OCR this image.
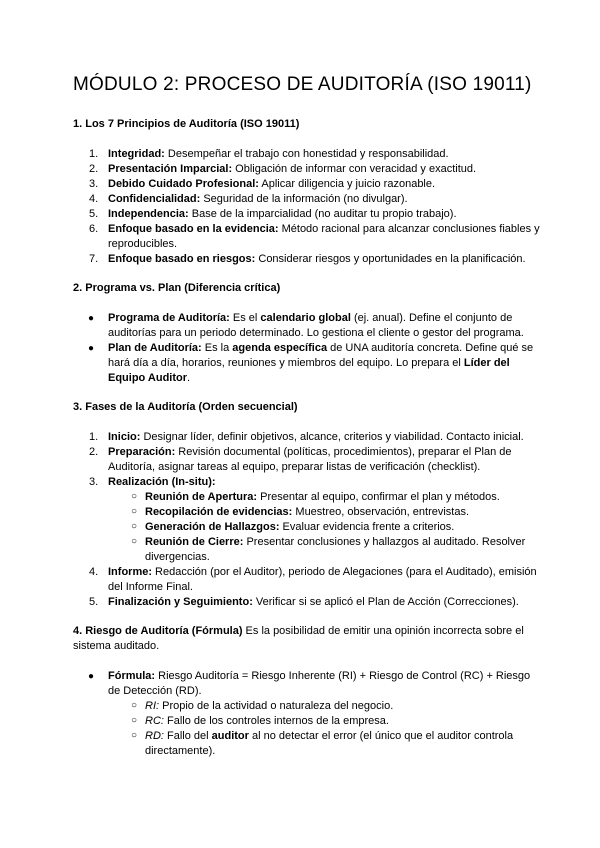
MÓDULO 2: PROCESO DE AUDITORÍA (ISO 19011)
1. Los 7 Principios de Auditoría (ISO 19011)
1. Integridad: Desempeñar el trabajo con honestidad y responsabilidad.
2. Presentación Imparcial: Obligación de informar con veracidad y exactitud.
3. Debido Cuidado Profesional: Aplicar diligencia y juicio razonable.
4. Confidencialidad: Seguridad de la información (no divulgar).
5. Independencia: Base de la imparcialidad (no auditar tu propio trabajo).
6. Enfoque basado en la evidencia: Método racional para alcanzar conclusiones fiables y reproducibles.
7. Enfoque basado en riesgos: Considerar riesgos y oportunidades en la planificación.
2. Programa vs. Plan (Diferencia crítica)
● Programa de Auditoría: Es el calendario global (ej. anual). Define el conjunto de auditorías para un periodo determinado. Lo gestiona el cliente o gestor del programa.
● Plan de Auditoría: Es la agenda específica de UNA auditoría concreta. Define qué se hará día a día, horarios, reuniones y miembros del equipo. Lo prepara el Líder del Equipo Auditor.
3. Fases de la Auditoría (Orden secuencial)
1. Inicio: Designar líder, definir objetivos, alcance, criterios y viabilidad. Contacto inicial.
2. Preparación: Revisión documental (políticas, procedimientos), preparar el Plan de Auditoría, asignar tareas al equipo, preparar listas de verificación (checklist).
3. Realización (In-situ):
○ Reunión de Apertura: Presentar al equipo, confirmar el plan y métodos.
○ Recopilación de evidencias: Muestreo, observación, entrevistas.
○ Generación de Hallazgos: Evaluar evidencia frente a criterios.
○ Reunión de Cierre: Presentar conclusiones y hallazgos al auditado. Resolver divergencias.
4. Informe: Redacción (por el Auditor), periodo de Alegaciones (para el Auditado), emisión del Informe Final.
5. Finalización y Seguimiento: Verificar si se aplicó el Plan de Acción (Correcciones).

4. Riesgo de Auditoría (Fórmula) Es la posibilidad de emitir una opinión incorrecta sobre el sistema auditado.

● Fórmula: Riesgo Auditoría = Riesgo Inherente (RI) + Riesgo de Control (RC) + Riesgo de Detección (RD).
○ RI: Propio de la actividad o naturaleza del negocio.
○ RC: Fallo de los controles internos de la empresa.
○ RD: Fallo del auditor al no detectar el error (el único que el auditor controla directamente).
